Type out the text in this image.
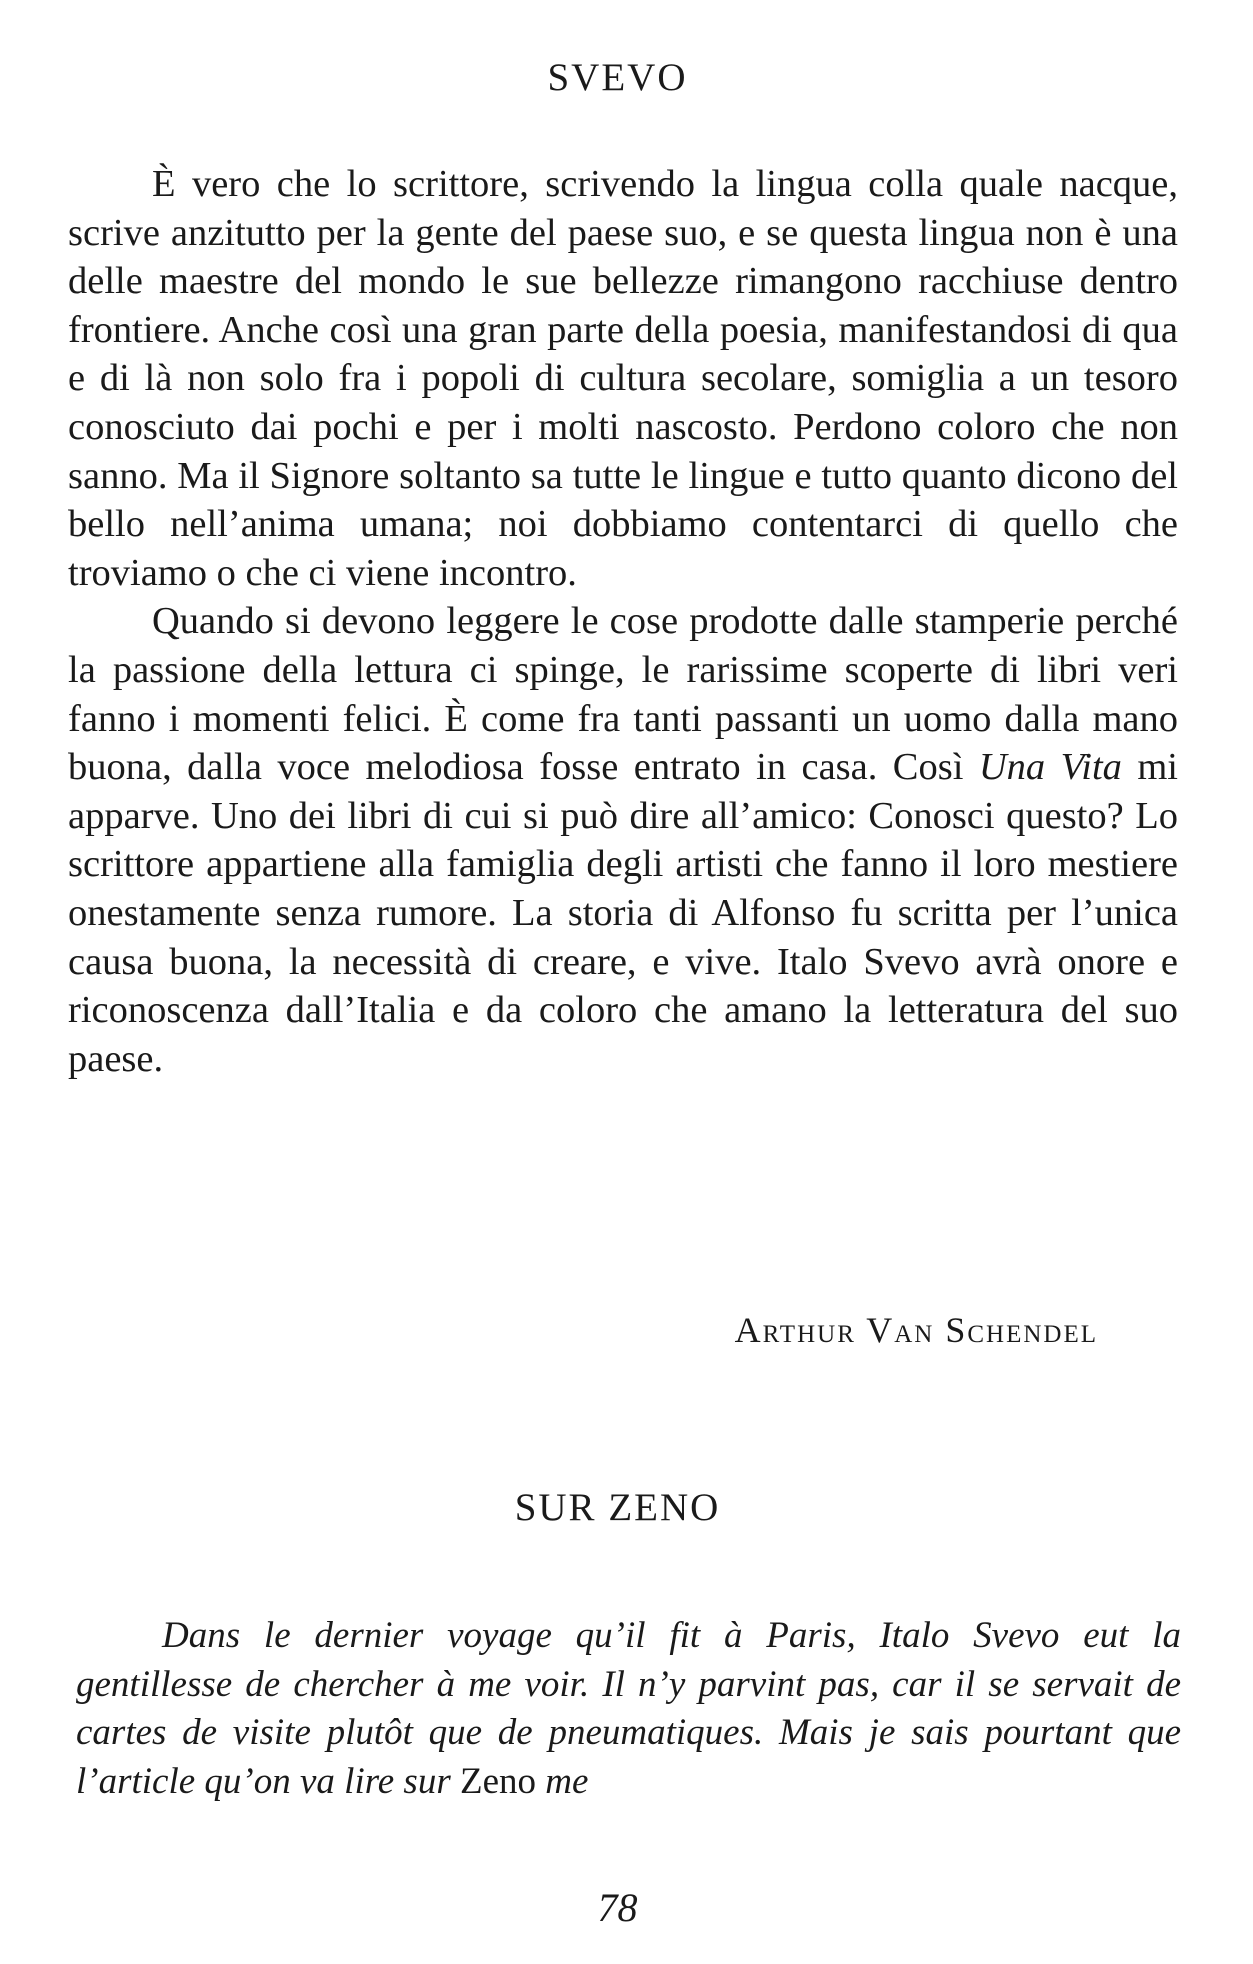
SVEVO

È vero che lo scrittore, scrivendo la lingua colla quale nacque, scrive anzitutto per la gente del paese suo, e se questa lingua non è una delle maestre del mondo le sue bellezze rimangono racchiuse dentro frontiere. Anche così una gran parte della poesia, manifestandosi di qua e di là non solo fra i popoli di cultura secolare, somiglia a un tesoro conosciuto dai pochi e per i molti nascosto. Perdono coloro che non sanno. Ma il Signore soltanto sa tutte le lingue e tutto quanto dicono del bello nell’anima umana; noi dobbiamo contentarci di quello che troviamo o che ci viene incontro.

Quando si devono leggere le cose prodotte dalle stamperie perché la passione della lettura ci spinge, le rarissime scoperte di libri veri fanno i momenti felici. È come fra tanti passanti un uomo dalla mano buona, dalla voce melodiosa fosse entrato in casa. Così Una Vita mi apparve. Uno dei libri di cui si può dire all’amico: Conosci questo? Lo scrittore appartiene alla famiglia degli artisti che fanno il loro mestiere onestamente senza rumore. La storia di Alfonso fu scritta per l’unica causa buona, la necessità di creare, e vive. Italo Svevo avrà onore e riconoscenza dall’Italia e da coloro che amano la letteratura del suo paese.

Arthur Van Schendel
SUR ZENO

Dans le dernier voyage qu’il fit à Paris, Italo Svevo eut la gentillesse de chercher à me voir. Il n’y parvint pas, car il se servait de cartes de visite plutôt que de pneumatiques. Mais je sais pourtant que l’article qu’on va lire sur Zeno me

78
